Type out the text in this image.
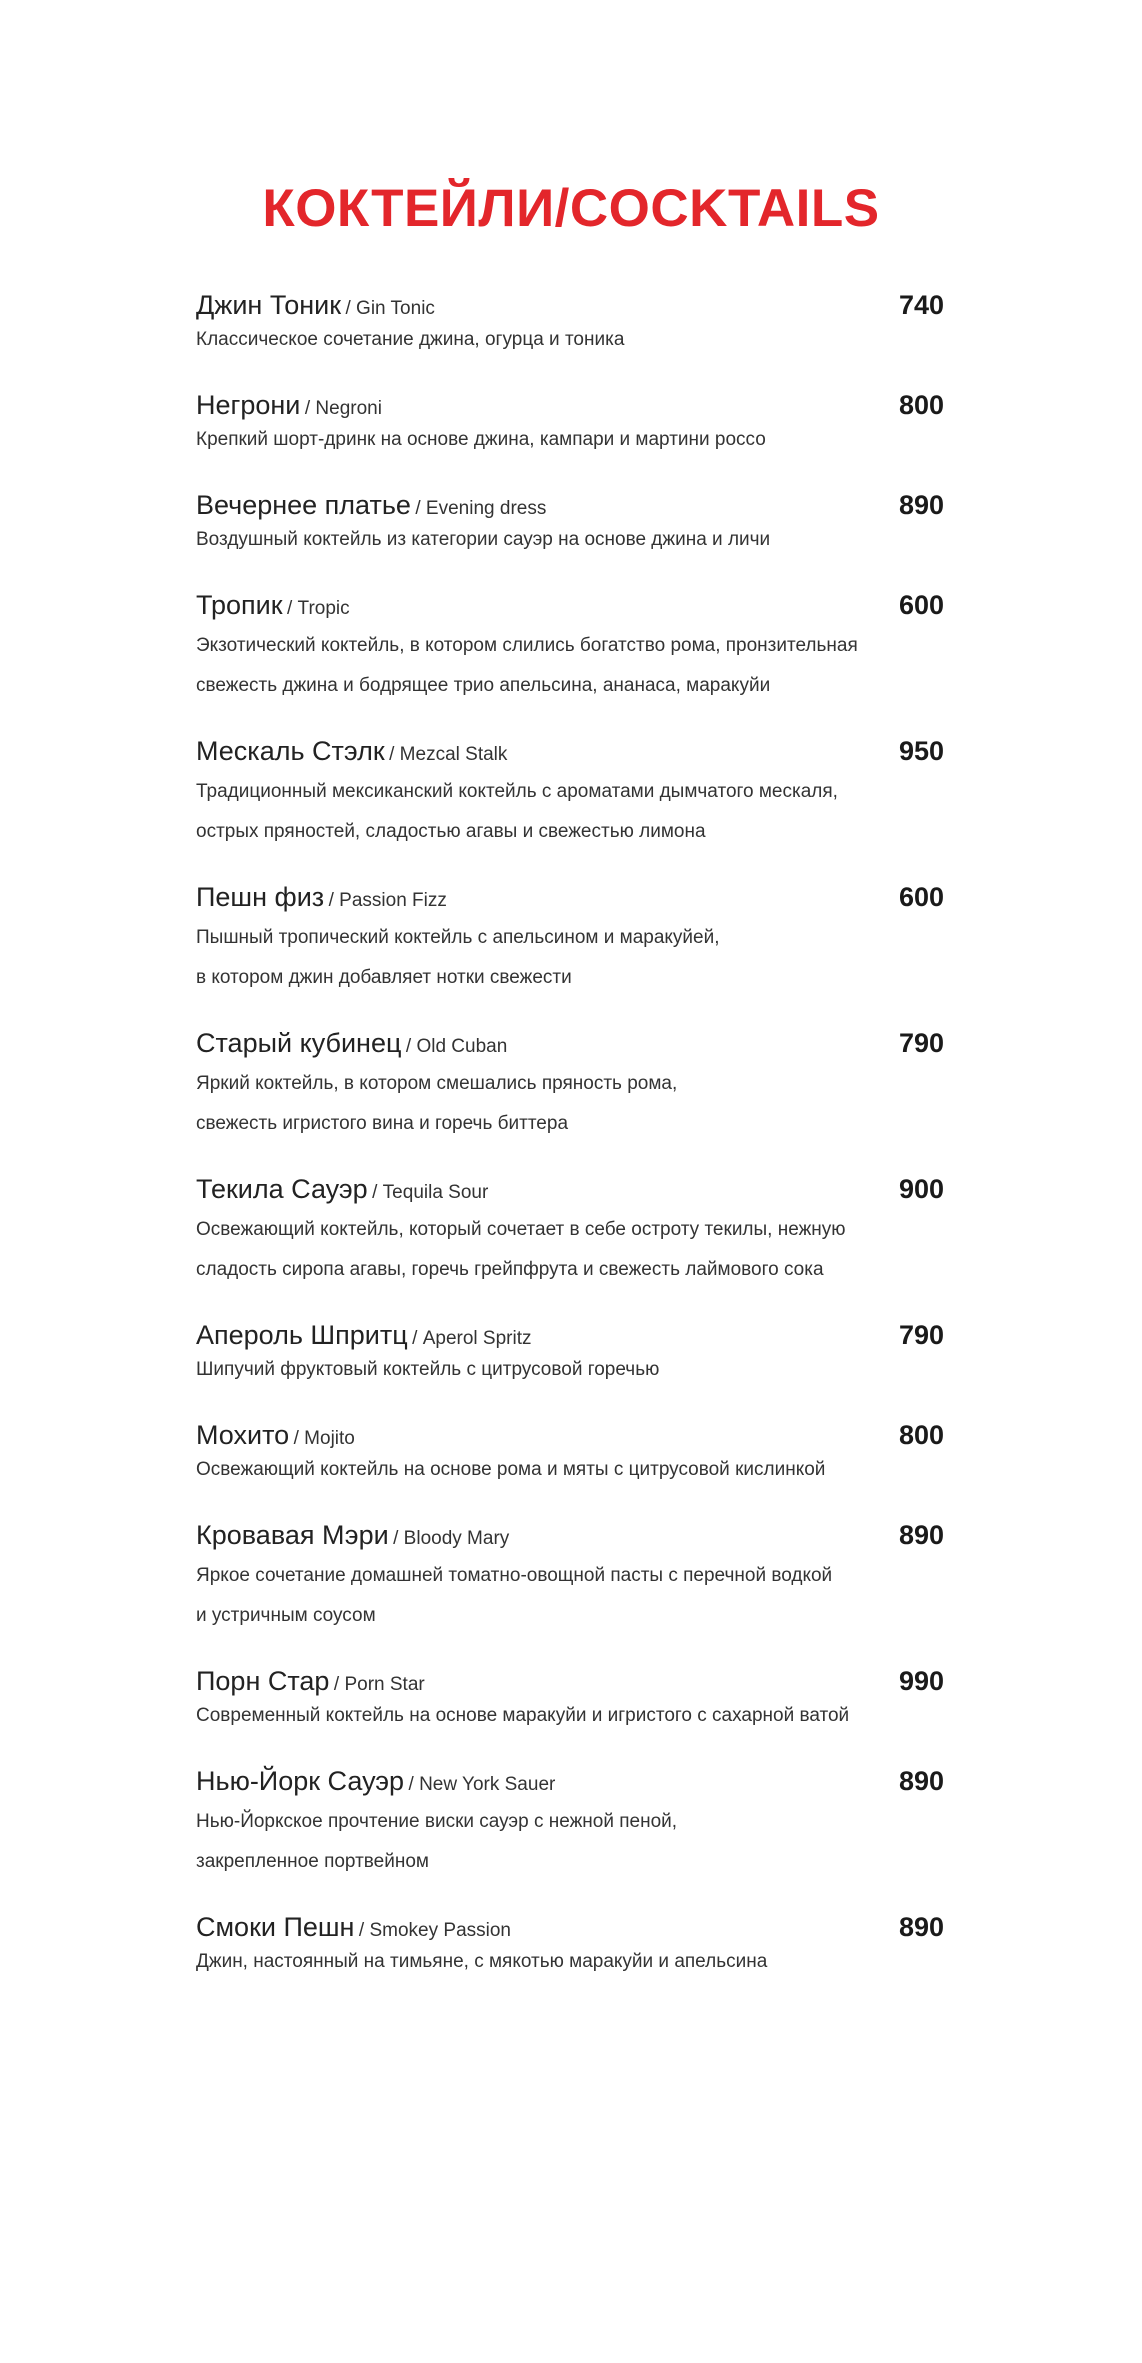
КОКТЕЙЛИ/COCKTAILS
Джин Тоник / Gin Tonic	740
Классическое сочетание джина, огурца и тоника
Негрони / Negroni	800
Крепкий шорт-дринк на основе джина, кампари и мартини россо
Вечернее платье / Evening dress	890
Воздушный коктейль из категории сауэр на основе джина и личи
Тропик / Tropic	600
Экзотический коктейль, в котором слились богатство рома, пронзительная
свежесть джина и бодрящее трио апельсина, ананаса, маракуйи
Мескаль Стэлк / Mezcal Stalk	950
Традиционный мексиканский коктейль с ароматами дымчатого мескаля,
острых пряностей, сладостью агавы и свежестью лимона
Пешн физ / Passion Fizz	600
Пышный тропический коктейль с апельсином и маракуйей,
в котором джин добавляет нотки свежести
Старый кубинец / Old Cuban	790
Яркий коктейль, в котором смешались пряность рома,
свежесть игристого вина и горечь биттера
Текила Сауэр / Tequila Sour	900
Освежающий коктейль, который сочетает в себе остроту текилы, нежную
сладость сиропа агавы, горечь грейпфрута и свежесть лаймового сока
Апероль Шпритц / Aperol Spritz	790
Шипучий фруктовый коктейль с цитрусовой горечью
Мохито / Mojito	800
Освежающий коктейль на основе рома и мяты с цитрусовой кислинкой
Кровавая Мэри / Bloody Mary	890
Яркое сочетание домашней томатно-овощной пасты с перечной водкой
и устричным соусом
Порн Стар / Porn Star	990
Современный коктейль на основе маракуйи и игристого с сахарной ватой
Нью-Йорк Сауэр / New York Sauer	890
Нью-Йоркское прочтение виски сауэр с нежной пеной,
закрепленное портвейном
Смоки Пешн / Smokey Passion	890
Джин, настоянный на тимьяне, с мякотью маракуйи и апельсина
